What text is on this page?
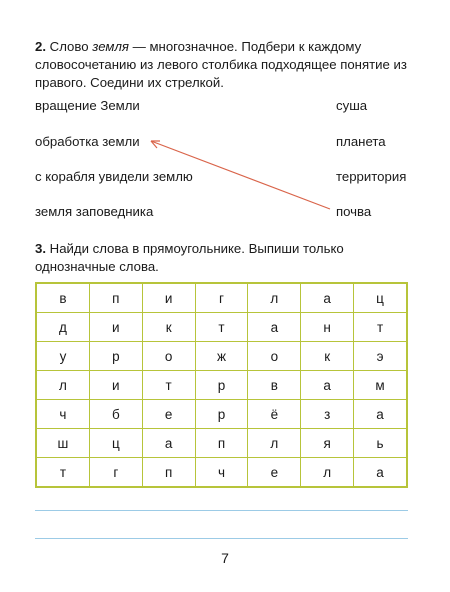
2. Слово земля — многозначное. Подбери к каждому словосочетанию из левого столбика подходящее понятие из правого. Соедини их стрелкой.
вращение Земли
обработка земли
с корабля увидели землю
земля заповедника
суша
планета
территория
почва
3. Найди слова в прямоугольнике. Выпиши только однозначные слова.
в	п	и	г	л	а	ц
д	и	к	т	а	н	т
у	р	о	ж	о	к	э
л	и	т	р	в	а	м
ч	б	е	р	ё	з	а
ш	ц	а	п	л	я	ь
т	г	п	ч	е	л	а
7
